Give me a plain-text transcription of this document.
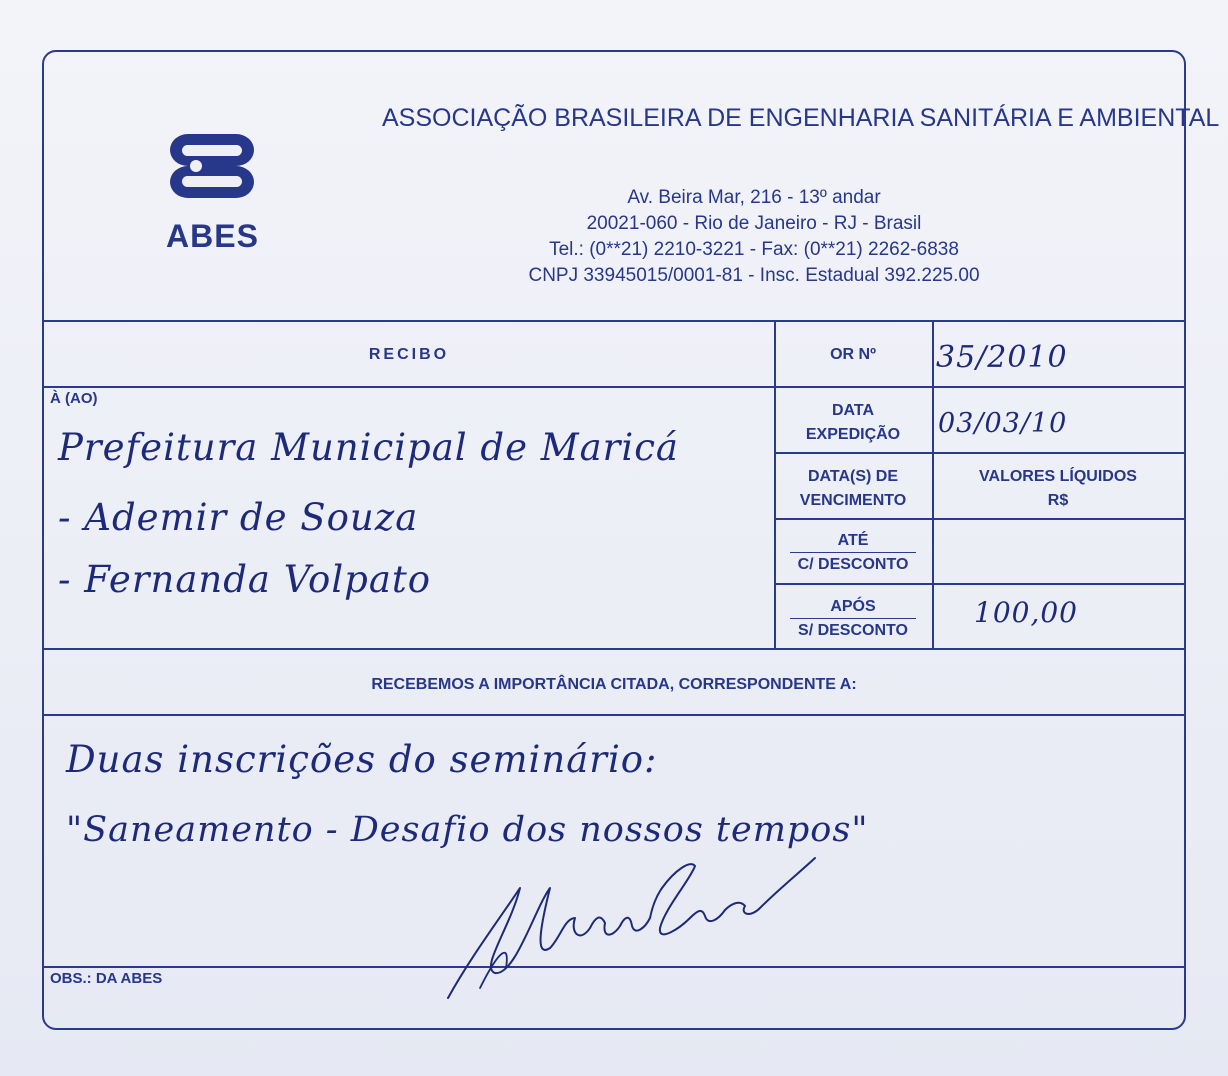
ABES
ASSOCIAÇÃO BRASILEIRA DE ENGENHARIA SANITÁRIA E AMBIENTAL
Av. Beira Mar, 216 - 13º andar
20021-060 - Rio de Janeiro - RJ - Brasil
Tel.: (0**21) 2210-3221 - Fax: (0**21) 2262-6838
CNPJ 33945015/0001-81 - Insc. Estadual 392.225.00
RECIBO
À (AO)
OR Nº	35/2010
DATA
EXPEDIÇÃO	03/03/10
DATA(S) DE
VENCIMENTO
VALORES LÍQUIDOS
R$
ATÉ
C/ DESCONTO
APÓS
S/ DESCONTO
100,00
Prefeitura Municipal de Maricá
- Ademir de Souza
- Fernanda Volpato
RECEBEMOS A IMPORTÂNCIA CITADA, CORRESPONDENTE A:
Duas inscrições do seminário:
"Saneamento - Desafio dos nossos tempos"
OBS.: DA ABES
